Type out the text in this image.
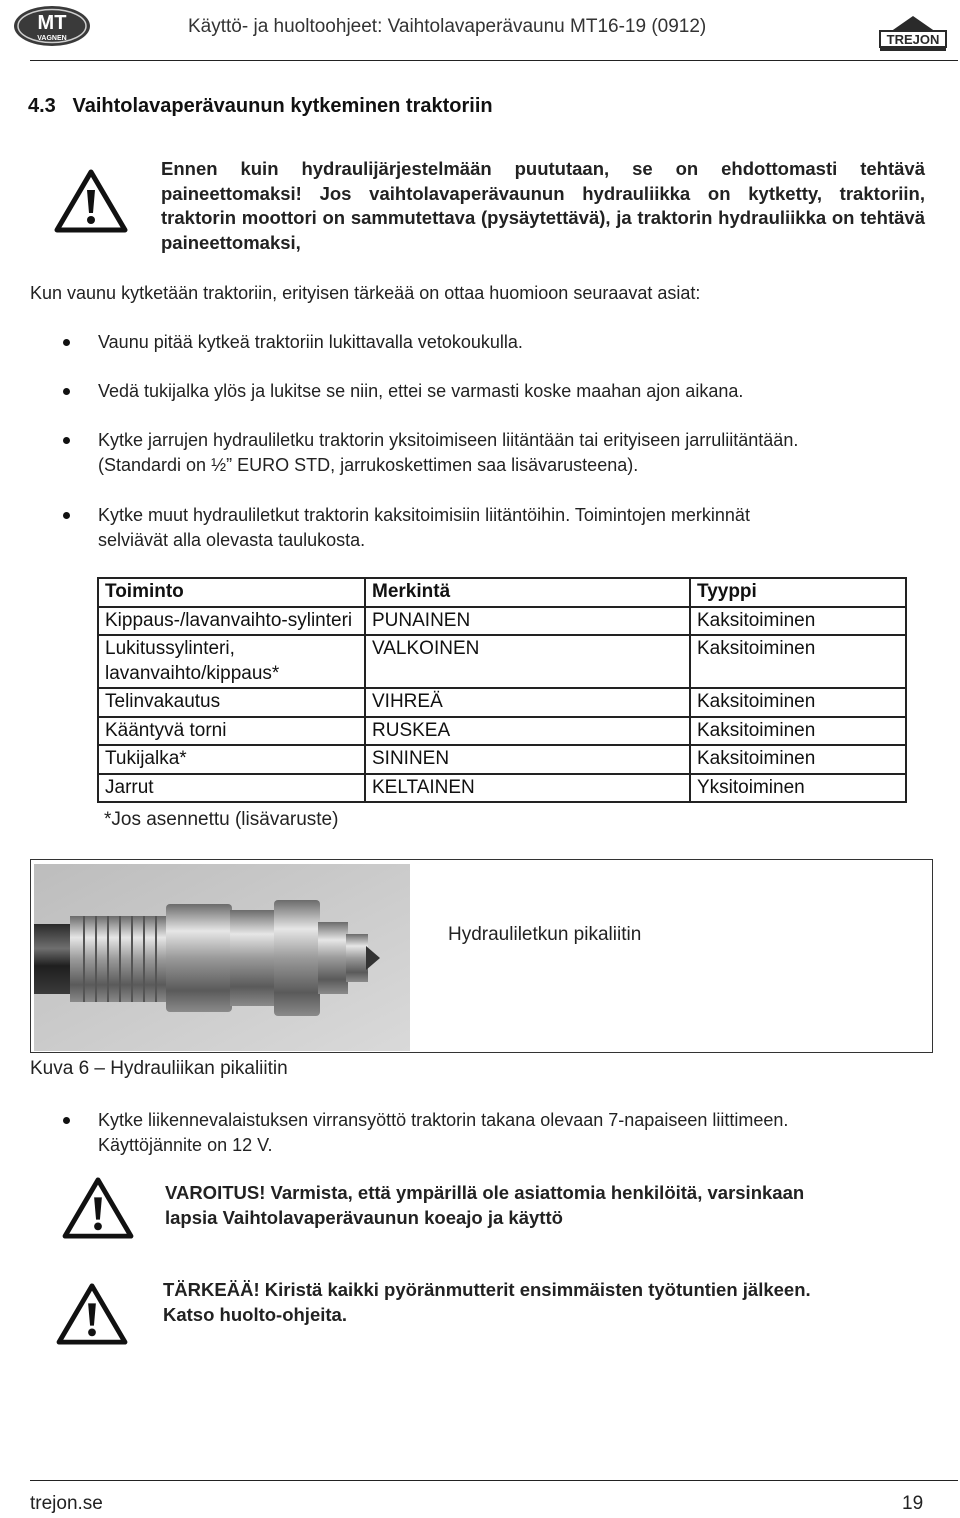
MT
VAGNEN
Käyttö- ja huoltoohjeet: Vaihtolavaperävaunu MT16-19 (0912)
TREJON
4.3   Vaihtolavaperävaunun kytkeminen traktoriin
Ennen kuin hydraulijärjestelmään puututaan, se on ehdottomasti tehtävä paineettomaksi! Jos vaihtolavaperävaunun hydrauliikka on kytketty, traktoriin, traktorin moottori on sammutettava (pysäytettävä), ja traktorin hydrauliikka on tehtävä paineettomaksi,
Kun vaunu kytketään traktoriin, erityisen tärkeää on ottaa huomioon seuraavat asiat:
Vaunu pitää kytkeä traktoriin lukittavalla vetokoukulla.
Vedä tukijalka ylös ja lukitse se niin, ettei se varmasti koske maahan ajon aikana.
Kytke jarrujen hydrauliletku traktorin yksitoimiseen liitäntään tai erityiseen jarruliitäntään.
(Standardi on ½” EURO STD, jarrukoskettimen saa lisävarusteena).
Kytke muut hydrauliletkut traktorin kaksitoimisiin liitäntöihin. Toimintojen merkinnät
selviävät alla olevasta taulukosta.
Toiminto	Merkintä	Tyyppi
Kippaus-/lavanvaihto-sylinteri	PUNAINEN	Kaksitoiminen
Lukitussylinteri, lavanvaihto/kippaus*	VALKOINEN	Kaksitoiminen
Telinvakautus	VIHREÄ	Kaksitoiminen
Kääntyvä torni	RUSKEA	Kaksitoiminen
Tukijalka*	SININEN	Kaksitoiminen
Jarrut	KELTAINEN	Yksitoiminen
*Jos asennettu (lisävaruste)
Hydrauliletkun pikaliitin
Kuva 6 – Hydrauliikan pikaliitin
Kytke liikennevalaistuksen virransyöttö traktorin takana olevaan 7-napaiseen liittimeen.
Käyttöjännite on 12 V.
VAROITUS! Varmista, että ympärillä ole asiattomia henkilöitä, varsinkaan
lapsia Vaihtolavaperävaunun koeajo ja käyttö
TÄRKEÄÄ! Kiristä kaikki pyöränmutterit ensimmäisten työtuntien jälkeen.
Katso huolto-ohjeita.
trejon.se	19
